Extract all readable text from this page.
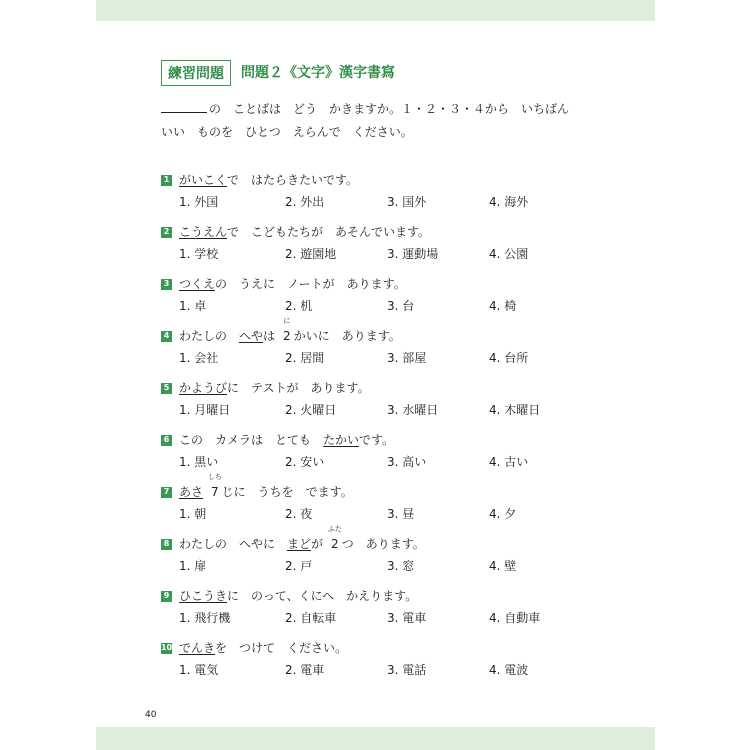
練習問題	問題２《文字》漢字書寫
の　ことばは　どう　かきますか。１・２・３・４から　いちばん
いい　ものを　ひとつ　えらんで　ください。
1 がいこく で　はたらきたいです。
1. 外国	2. 外出	3. 国外	4. 海外
2 こうえん で　こどもたちが　あそんでいます。
1. 学校	2. 遊園地	3. 運動場	4. 公園
3 つくえ の　うえに　ノートが　あります。
1. 卓	2. 机	3. 台	4. 椅
4 わたしの　 へや は
に
2 かいに　あります。
1. 会社	2. 居間	3. 部屋	4. 台所
5 かようび に　テストが　あります。
1. 月曜日	2. 火曜日	3. 水曜日	4. 木曜日
6 この　カメラは　とても　 たかい です。
1. 黒い	2. 安い	3. 高い	4. 古い
7 あさ
しち
7 じに　うちを　でます。
1. 朝	2. 夜	3. 昼	4. 夕
8 わたしの　へやに　 まど が
ふた
2 つ　あります。
1. 扉	2. 戸	3. 窓	4. 壁
9 ひこうき に　のって、くにへ　かえります。
1. 飛行機	2. 自転車	3. 電車	4. 自動車
10 でんき を　つけて　ください。
1. 電気	2. 電車	3. 電話	4. 電波
40
